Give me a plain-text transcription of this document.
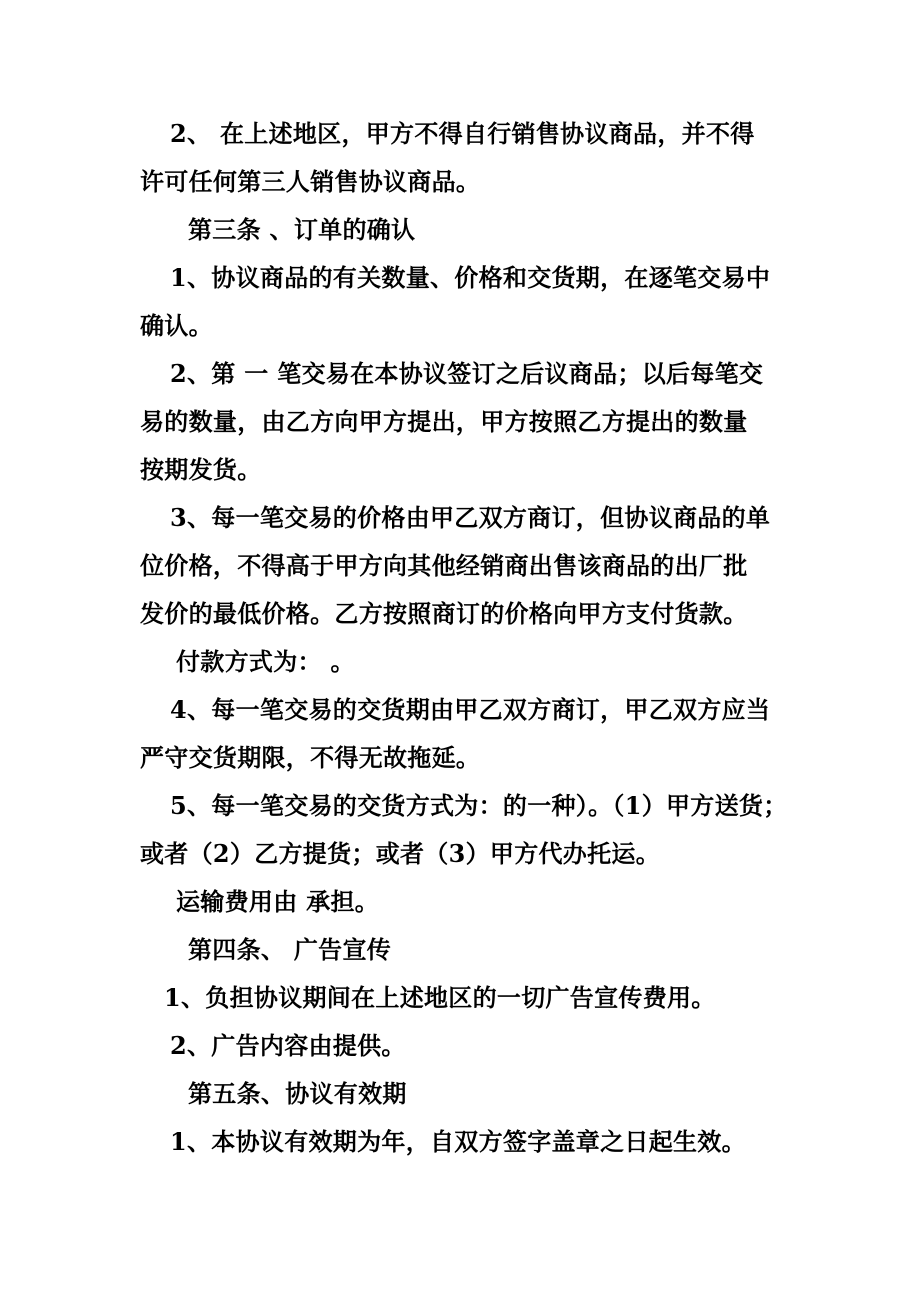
2、 在上述地区，甲方不得自行销售协议商品，并不得
许可任何第三人销售协议商品。
第三条 、订单的确认
1、协议商品的有关数量、价格和交货期，在逐笔交易中
确认。
2、第 一 笔交易在本协议签订之后议商品；以后每笔交
易的数量，由乙方向甲方提出，甲方按照乙方提出的数量
按期发货。
3、每一笔交易的价格由甲乙双方商订，但协议商品的单
位价格，不得高于甲方向其他经销商出售该商品的出厂批
发价的最低价格。乙方按照商订的价格向甲方支付货款。
付款方式为： 。
4、每一笔交易的交货期由甲乙双方商订，甲乙双方应当
严守交货期限，不得无故拖延。
5、每一笔交易的交货方式为：的一种）。（1）甲方送货；
或者（2）乙方提货；或者（3）甲方代办托运。
运输费用由 承担。
第四条、 广告宣传
1、负担协议期间在上述地区的一切广告宣传费用。
2、广告内容由提供。
第五条、协议有效期
1、本协议有效期为年，自双方签字盖章之日起生效。
